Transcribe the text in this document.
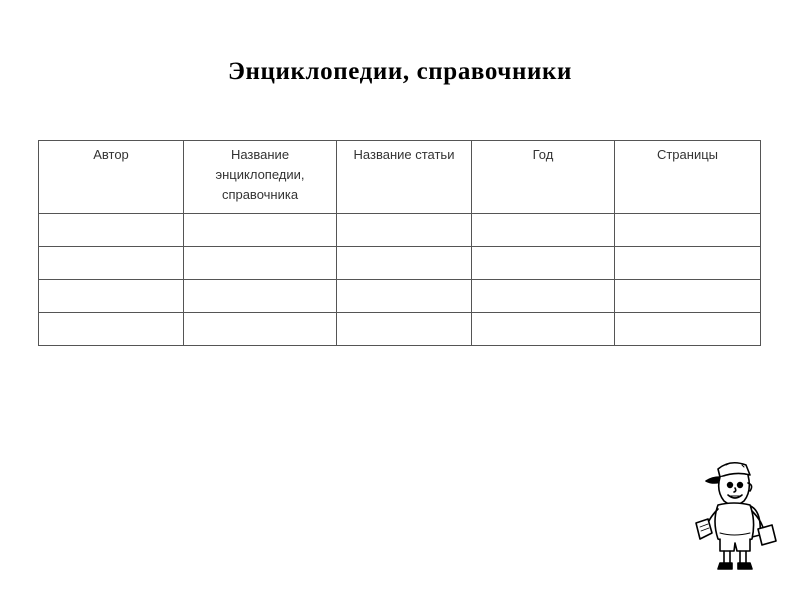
Энциклопедии, справочники
Автор	Название
энциклопедии,
справочника	Название статьи	Год	Страницы
